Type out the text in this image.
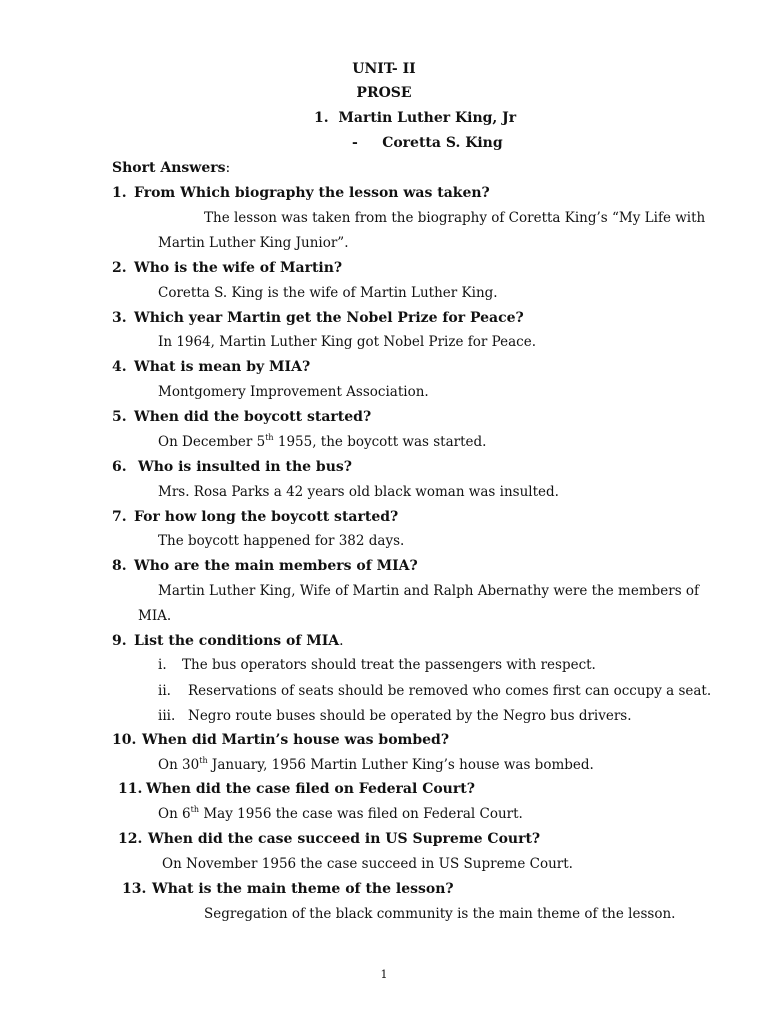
UNIT- II
PROSE
1. Martin Luther King, Jr
- Coretta S. King
Short Answers:
1. From Which biography the lesson was taken?
The lesson was taken from the biography of Coretta King’s “My Life with
Martin Luther King Junior”.
2. Who is the wife of Martin?
Coretta S. King is the wife of Martin Luther King.
3. Which year Martin get the Nobel Prize for Peace?
In 1964, Martin Luther King got Nobel Prize for Peace.
4. What is mean by MIA?
Montgomery Improvement Association.
5. When did the boycott started?
On December 5th 1955, the boycott was started.
6. Who is insulted in the bus?
Mrs. Rosa Parks a 42 years old black woman was insulted.
7. For how long the boycott started?
The boycott happened for 382 days.
8. Who are the main members of MIA?
Martin Luther King, Wife of Martin and Ralph Abernathy were the members of
MIA.
9. List the conditions of MIA.
i. The bus operators should treat the passengers with respect.
ii. Reservations of seats should be removed who comes first can occupy a seat.
iii. Negro route buses should be operated by the Negro bus drivers.
10. When did Martin’s house was bombed?
On 30th January, 1956 Martin Luther King’s house was bombed.
11. When did the case filed on Federal Court?
On 6th May 1956 the case was filed on Federal Court.
12. When did the case succeed in US Supreme Court?
On November 1956 the case succeed in US Supreme Court.
13. What is the main theme of the lesson?
Segregation of the black community is the main theme of the lesson.
1
